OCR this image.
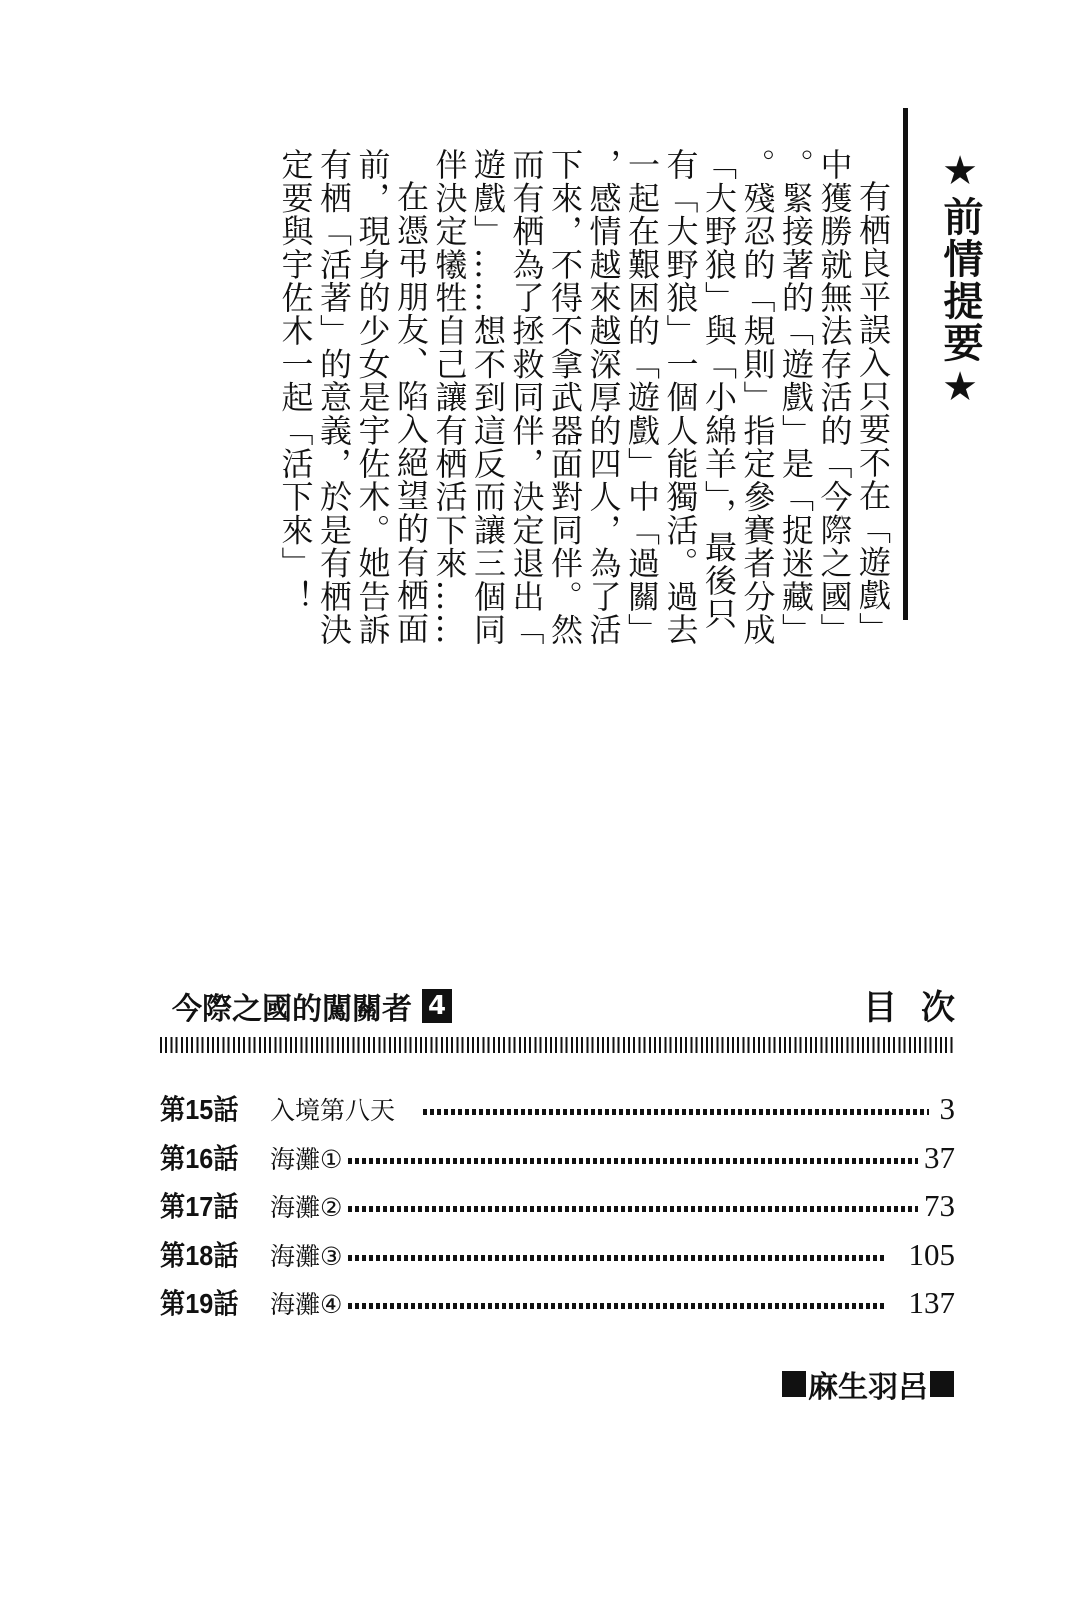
★前情提要★
有栖良平誤入只要不在「遊戲」
中獲勝就無法存活的「今際之國」
。緊接著的「遊戲」是「捉迷藏」
。殘忍的「規則」指定參賽者分成
「大野狼」與「小綿羊」，最後只
有「大野狼」一個人能獨活。過去
一起在艱困的「遊戲」中「過關」
，感情越來越深厚的四人，為了活
下來，不得不拿武器面對同伴。然
而有栖為了拯救同伴，決定退出「
遊戲」……想不到這反而讓三個同
伴決定犧牲自己讓有栖活下來……
在憑弔朋友、陷入絕望的有栖面
前，現身的少女是宇佐木。她告訴
有栖「活著」的意義，於是有栖決
定要與宇佐木一起「活下來」！
今際之國的闖關者 4	目次
第15話	入境第八天	3
第16話	海灘①	37
第17話	海灘②	73
第18話	海灘③	105
第19話	海灘④	137
麻生羽呂
